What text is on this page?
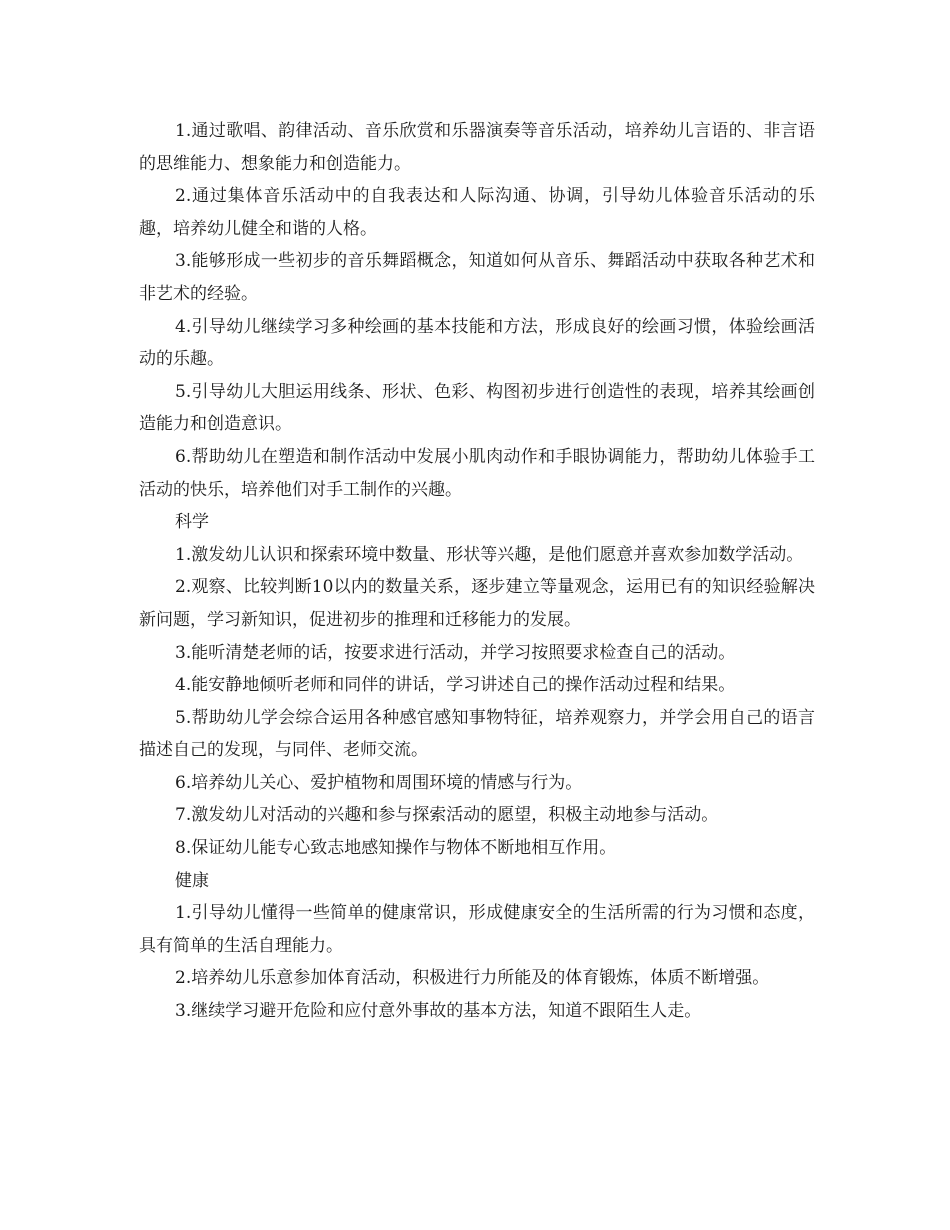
1.通过歌唱、韵律活动、音乐欣赏和乐器演奏等音乐活动，培养幼儿言语的、非言语的思维能力、想象能力和创造能力。

2.通过集体音乐活动中的自我表达和人际沟通、协调，引导幼儿体验音乐活动的乐趣，培养幼儿健全和谐的人格。

3.能够形成一些初步的音乐舞蹈概念，知道如何从音乐、舞蹈活动中获取各种艺术和非艺术的经验。

4.引导幼儿继续学习多种绘画的基本技能和方法，形成良好的绘画习惯，体验绘画活动的乐趣。

5.引导幼儿大胆运用线条、形状、色彩、构图初步进行创造性的表现，培养其绘画创造能力和创造意识。

6.帮助幼儿在塑造和制作活动中发展小肌肉动作和手眼协调能力，帮助幼儿体验手工活动的快乐，培养他们对手工制作的兴趣。

科学

1.激发幼儿认识和探索环境中数量、形状等兴趣，是他们愿意并喜欢参加数学活动。

2.观察、比较判断10以内的数量关系，逐步建立等量观念，运用已有的知识经验解决新问题，学习新知识，促进初步的推理和迁移能力的发展。

3.能听清楚老师的话，按要求进行活动，并学习按照要求检查自己的活动。

4.能安静地倾听老师和同伴的讲话，学习讲述自己的操作活动过程和结果。

5.帮助幼儿学会综合运用各种感官感知事物特征，培养观察力，并学会用自己的语言描述自己的发现，与同伴、老师交流。

6.培养幼儿关心、爱护植物和周围环境的情感与行为。

7.激发幼儿对活动的兴趣和参与探索活动的愿望，积极主动地参与活动。

8.保证幼儿能专心致志地感知操作与物体不断地相互作用。

健康

1.引导幼儿懂得一些简单的健康常识，形成健康安全的生活所需的行为习惯和态度，具有简单的生活自理能力。

2.培养幼儿乐意参加体育活动，积极进行力所能及的体育锻炼，体质不断增强。

3.继续学习避开危险和应付意外事故的基本方法，知道不跟陌生人走。
